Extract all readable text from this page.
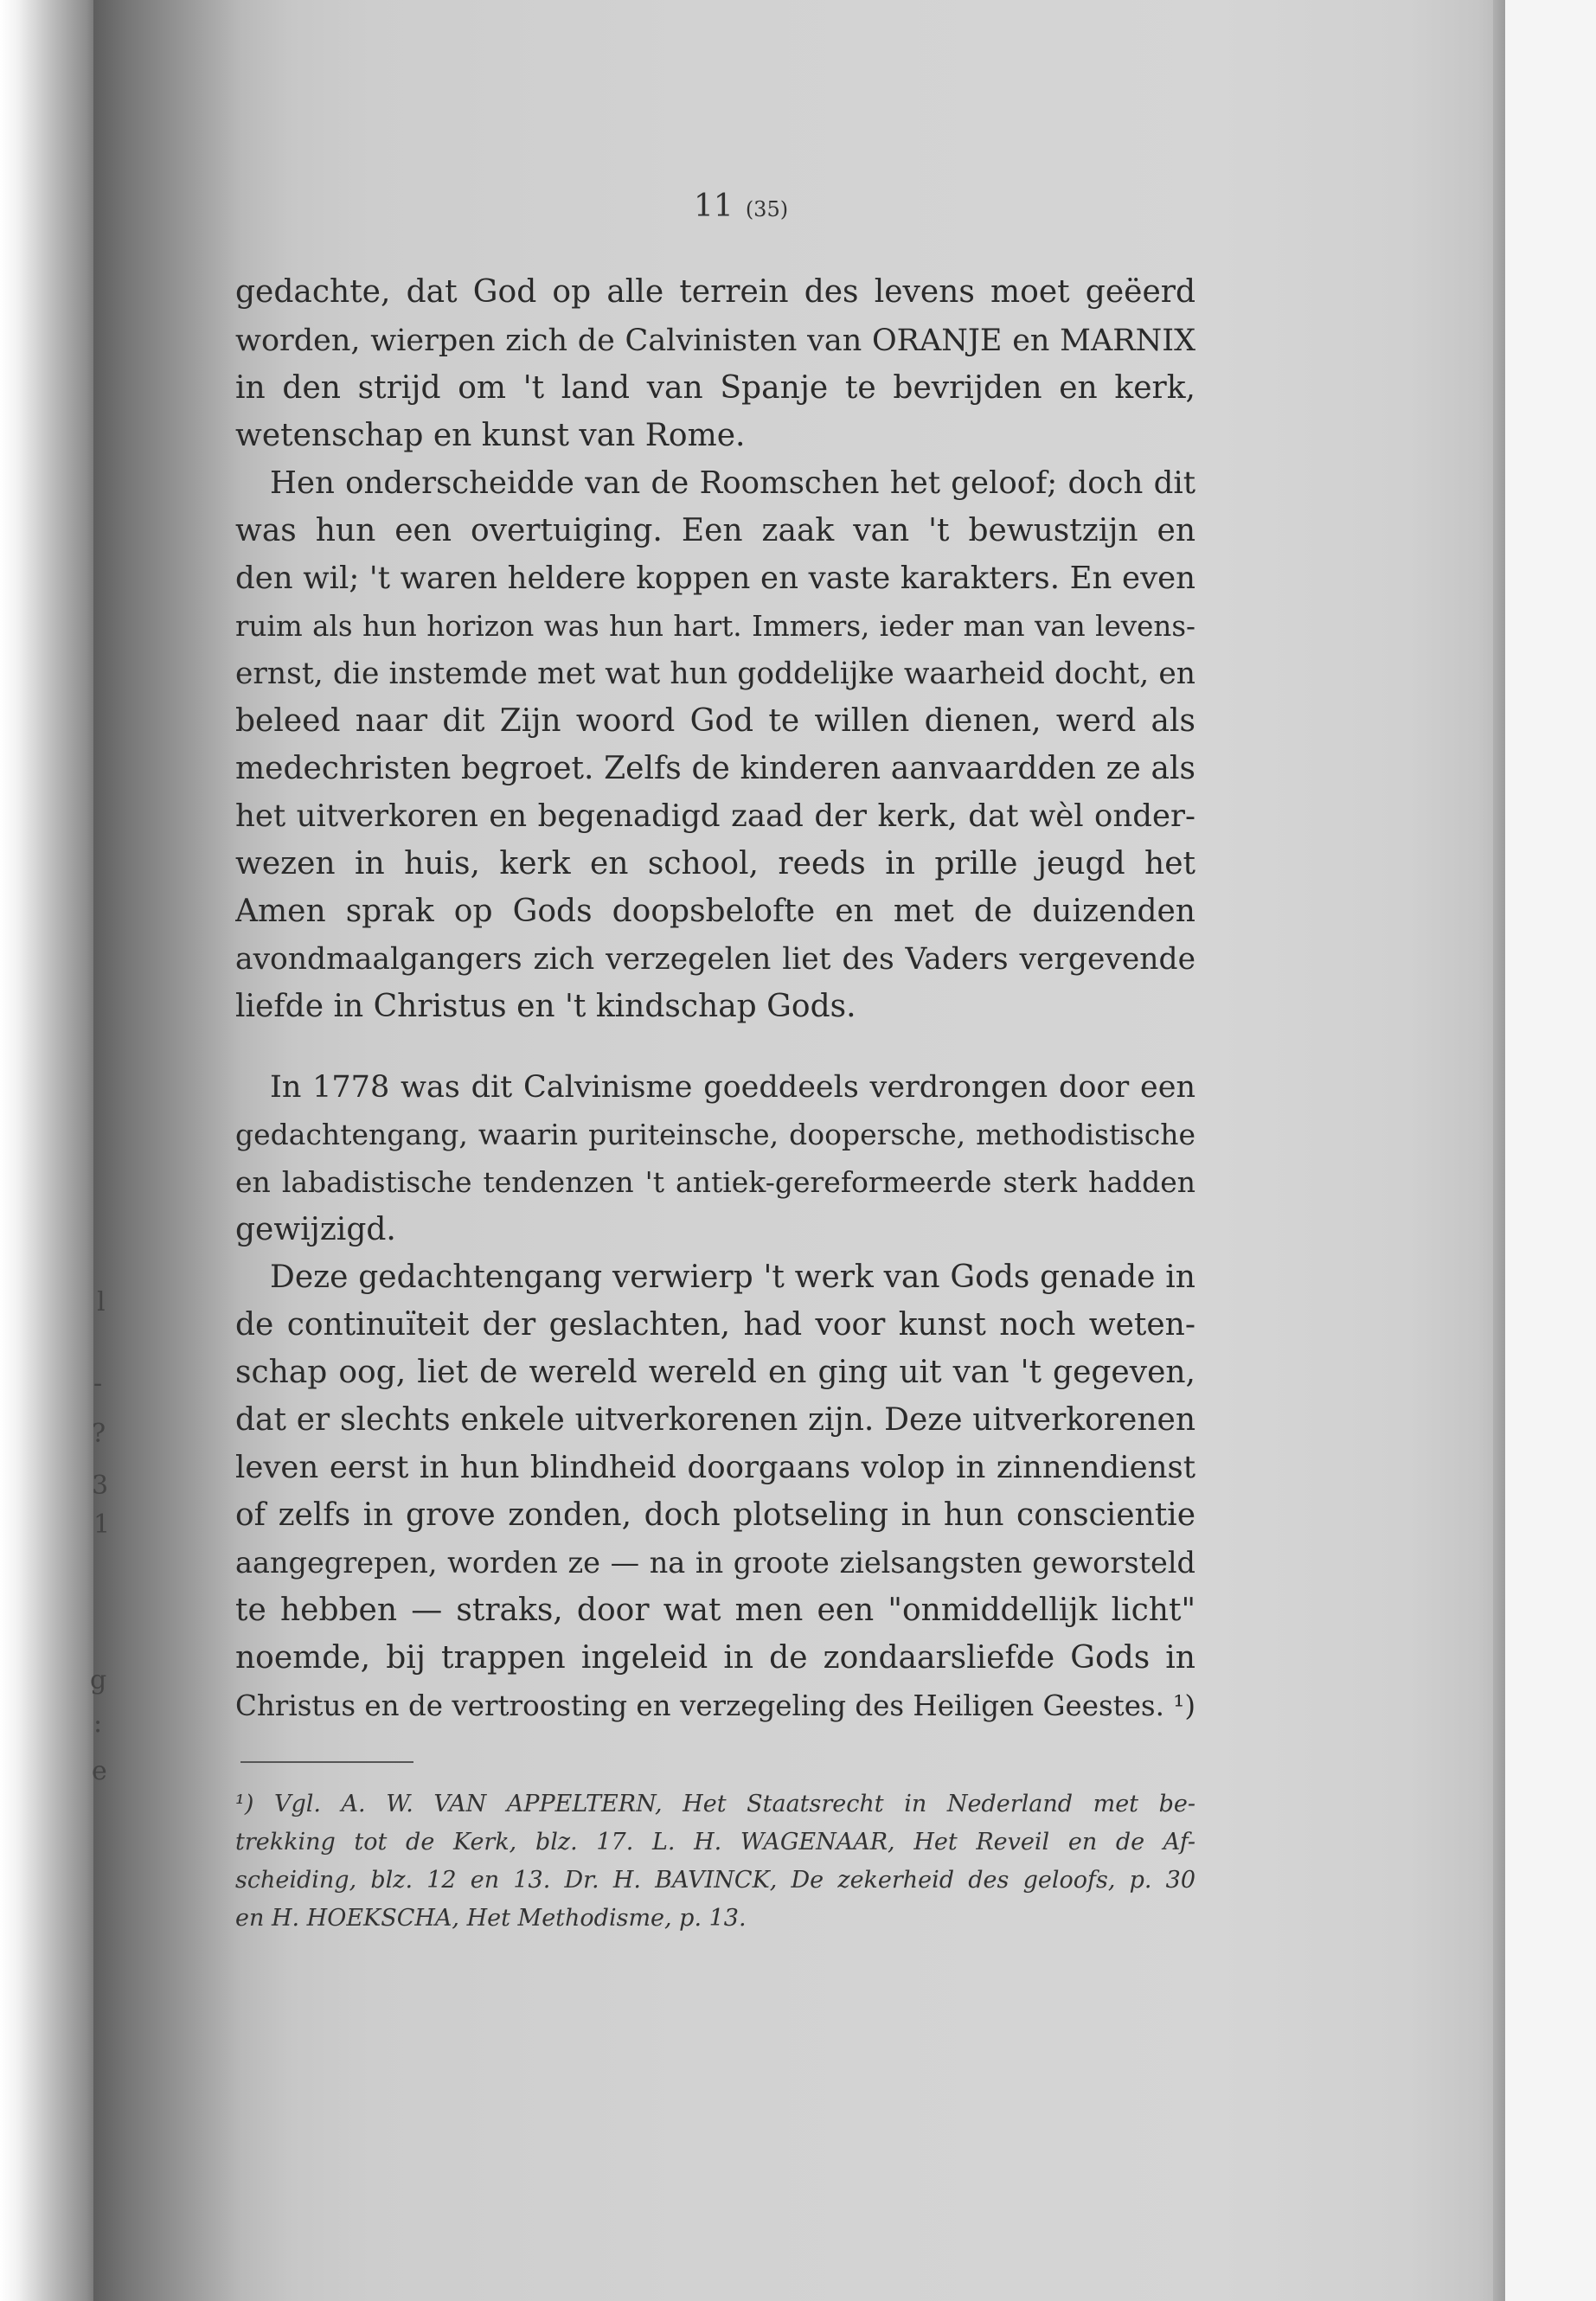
l
-
?
3
1
g
:
e
11 (35)
gedachte, dat God op alle terrein des levens moet geëerd
worden, wierpen zich de Calvinisten van ORANJE en MARNIX
in den strijd om 't land van Spanje te bevrijden en kerk,
wetenschap en kunst van Rome.
Hen onderscheidde van de Roomschen het geloof; doch dit
was hun een overtuiging. Een zaak van 't bewustzijn en
den wil; 't waren heldere koppen en vaste karakters. En even
ruim als hun horizon was hun hart. Immers, ieder man van levens-
ernst, die instemde met wat hun goddelijke waarheid docht, en
beleed naar dit Zijn woord God te willen dienen, werd als
medechristen begroet. Zelfs de kinderen aanvaardden ze als
het uitverkoren en begenadigd zaad der kerk, dat wèl onder-
wezen in huis, kerk en school, reeds in prille jeugd het
Amen sprak op Gods doopsbelofte en met de duizenden
avondmaalgangers zich verzegelen liet des Vaders vergevende
liefde in Christus en 't kindschap Gods.
In 1778 was dit Calvinisme goeddeels verdrongen door een
gedachtengang, waarin puriteinsche, doopersche, methodistische
en labadistische tendenzen 't antiek-gereformeerde sterk hadden
gewijzigd.
Deze gedachtengang verwierp 't werk van Gods genade in
de continuïteit der geslachten, had voor kunst noch weten-
schap oog, liet de wereld wereld en ging uit van 't gegeven,
dat er slechts enkele uitverkorenen zijn. Deze uitverkorenen
leven eerst in hun blindheid doorgaans volop in zinnendienst
of zelfs in grove zonden, doch plotseling in hun conscientie
aangegrepen, worden ze — na in groote zielsangsten geworsteld
te hebben — straks, door wat men een "onmiddellijk licht"
noemde, bij trappen ingeleid in de zondaarsliefde Gods in
Christus en de vertroosting en verzegeling des Heiligen Geestes. ¹)
¹) Vgl. A. W. VAN APPELTERN, Het Staatsrecht in Nederland met be-
trekking tot de Kerk, blz. 17. L. H. WAGENAAR, Het Reveil en de Af-
scheiding, blz. 12 en 13. Dr. H. BAVINCK, De zekerheid des geloofs, p. 30
en H. HOEKSCHA, Het Methodisme, p. 13.
